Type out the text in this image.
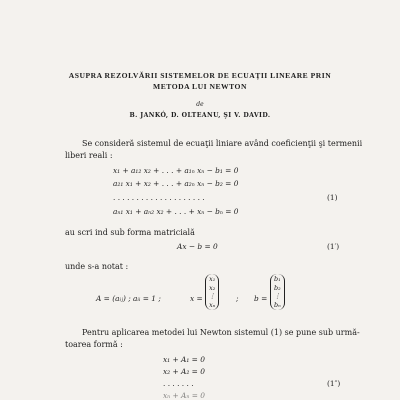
ASUPRA REZOLVĂRII SISTEMELOR DE ECUAŢII LINEARE PRIN
METODA LUI NEWTON
de
B. JANKÓ, D. OLTEANU, ŞI V. DAVID.
Se consideră sistemul de ecuaţii liniare având coeficienţii şi termenii
liberi reali :
x₁ + a₁₂ x₂ + . . . + a₁ₙ xₙ − b₁ = 0
a₂₁ x₁ + x₂ + . . . + a₂ₙ xₙ − b₂ = 0
. . . . . . . . . . . . . . . . . . . .
aₙ₁ x₁ + aₙ₂ x₂ + . . . + xₙ − bₙ = 0
(1)
au scri ind sub forma matricială
Ax − b = 0	(1′)
unde s-a notat :
A = (aᵢⱼ) ; aᵢᵢ = 1 ;	x =
x₁
x₂
⋮
xₙ
; b =
b₁
b₂
⋮
bₙ
Pentru aplicarea metodei lui Newton sistemul (1) se pune sub urmă-
toarea formă :
x₁ + A₁ = 0
x₂ + A₂ = 0
. . . . . . .
xₙ + Aₙ = 0
(1″)
